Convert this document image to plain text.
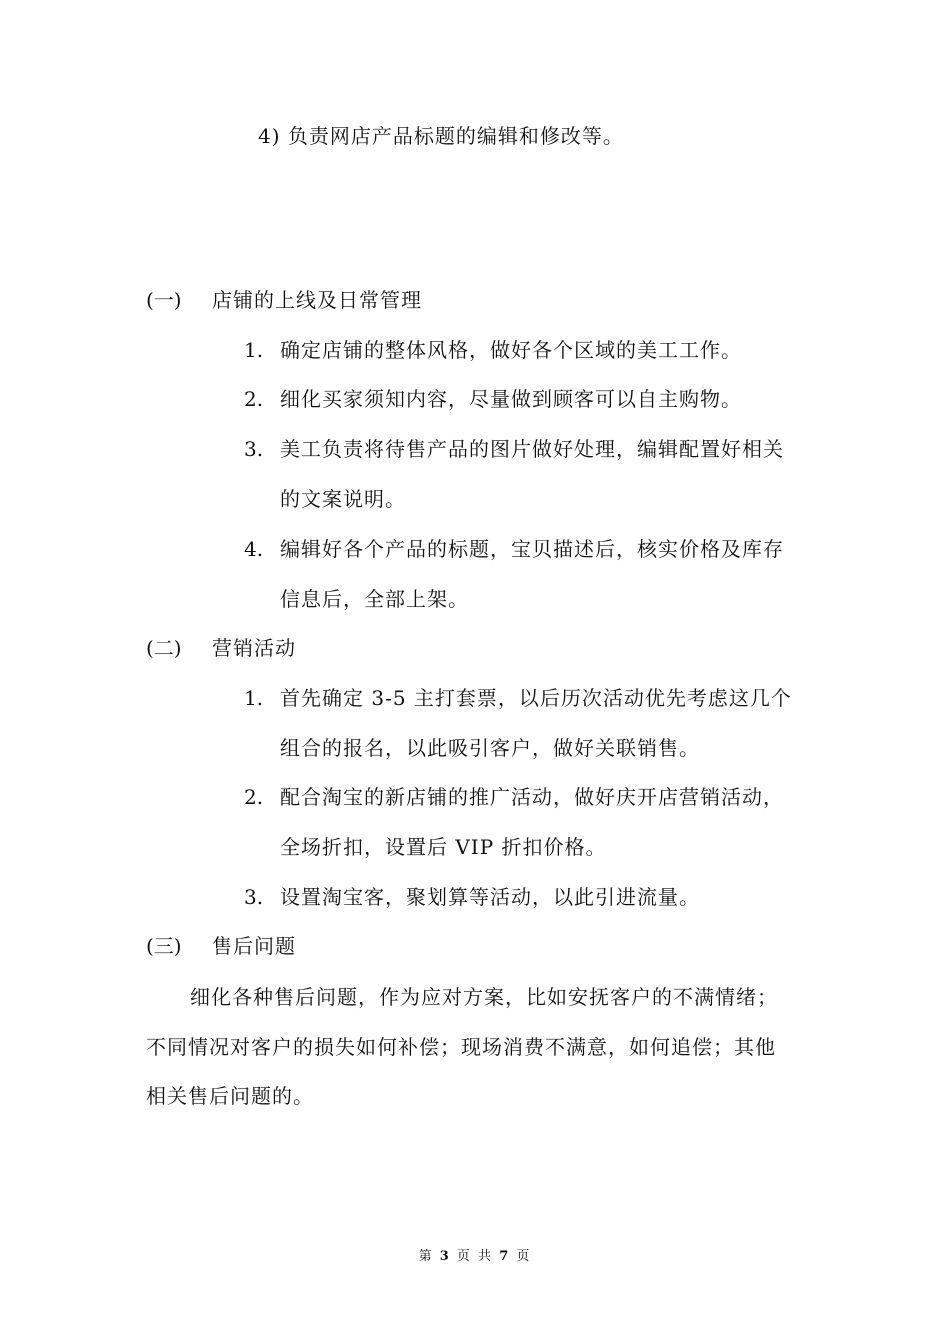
4) 负责网店产品标题的编辑和修改等。
(一) 店铺的上线及日常管理
1. 确定店铺的整体风格，做好各个区域的美工工作。
2. 细化买家须知内容，尽量做到顾客可以自主购物。
3. 美工负责将待售产品的图片做好处理，编辑配置好相关
的文案说明。
4. 编辑好各个产品的标题，宝贝描述后，核实价格及库存
信息后，全部上架。
(二) 营销活动
1. 首先确定 3-5 主打套票，以后历次活动优先考虑这几个
组合的报名，以此吸引客户，做好关联销售。
2. 配合淘宝的新店铺的推广活动，做好庆开店营销活动，
全场折扣，设置后 VIP 折扣价格。
3. 设置淘宝客，聚划算等活动，以此引进流量。
(三) 售后问题
细化各种售后问题，作为应对方案，比如安抚客户的不满情绪；
不同情况对客户的损失如何补偿；现场消费不满意，如何追偿；其他
相关售后问题的。
第 3 页 共 7 页
